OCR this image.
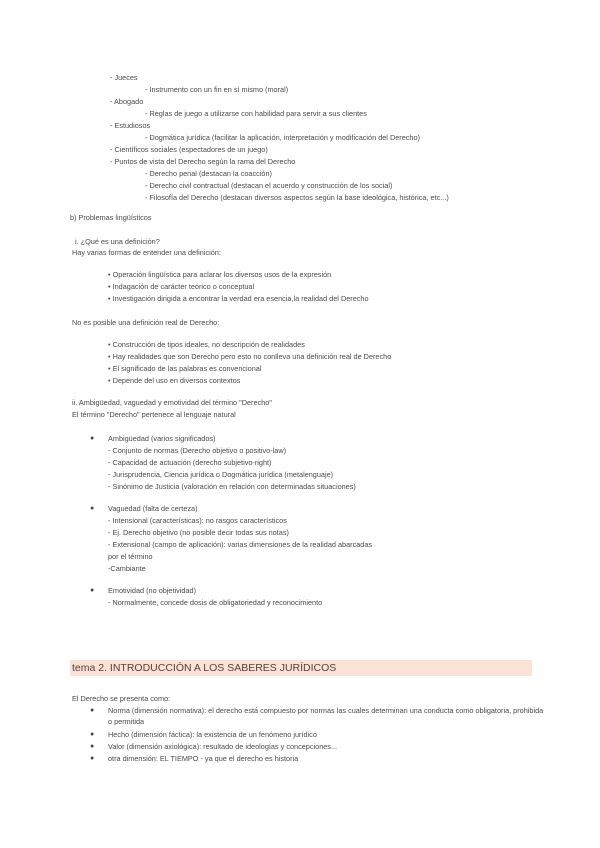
- Jueces
- Instrumento con un fin en sí mismo (moral)
- Abogado
- Reglas de juego a utilizarse con habilidad para servir a sus clientes
- Estudiosos
- Dogmática jurídica (facilitar la aplicación, interpretación y modificación del Derecho)
- Científicos sociales (espectadores de un juego)
- Puntos de vista del Derecho según la rama del Derecho
- Derecho penal (destacan la coacción)
- Derecho civil contractual (destacan el acuerdo y construcción de los social)
- Filosofía del Derecho (destacan diversos aspectos según la base ideológica, histórica, etc...)
b) Problemas lingüísticos
i. ¿Qué es una definición?
Hay varias formas de entender una definición:
• Operación lingüística para aclarar los diversos usos de la expresión
• Indagación de carácter teórico o conceptual
• Investigación dirigida a encontrar la verdad era esencia,la realidad del Derecho
No es posible una definición real de Derecho:
• Construcción de tipos ideales, no descripción de realidades
• Hay realidades que son Derecho pero esto no conlleva una definición real de Derecho
• El significado de las palabras es convencional
• Depende del uso en diversos contextos
ii. Ambigüedad, vaguedad y emotividad del término "Derecho"
El término "Derecho" pertenece al lenguaje natural
● Ambigüedad (varios significados)
- Conjunto de normas (Derecho objetivo o positivo-law)
- Capacidad de actuación (derecho subjetivo-right)
- Jurisprudencia, Ciencia jurídica o Dogmática jurídica (metalenguaje)
- Sinónimo de Justicia (valoración en relación con determinadas situaciones)
● Vaguedad (falta de certeza)
- Intensional (características): no rasgos característicos
- Ej. Derecho objetivo (no posible decir todas sus notas)
- Extensional (campo de aplicación): varias dimensiones de la realidad abarcadas
por el término
-Cambiante
● Emotividad (no objetividad)
- Normalmente, concede dosis de obligatoriedad y reconocimiento
tema 2. INTRODUCCIÓN A LOS SABERES JURÍDICOS
El Derecho se presenta como:
● Norma (dimensión normativa): el derecho está compuesto por normas las cuales determinan una conducta como obligatoria, prohibida o permitida
● Hecho (dimensión fáctica): la existencia de un fenómeno jurídico
● Valor (dimensión axiológica): resultado de ideologías y concepciones...
● otra dimensión: EL TIEMPO - ya que el derecho es historia
